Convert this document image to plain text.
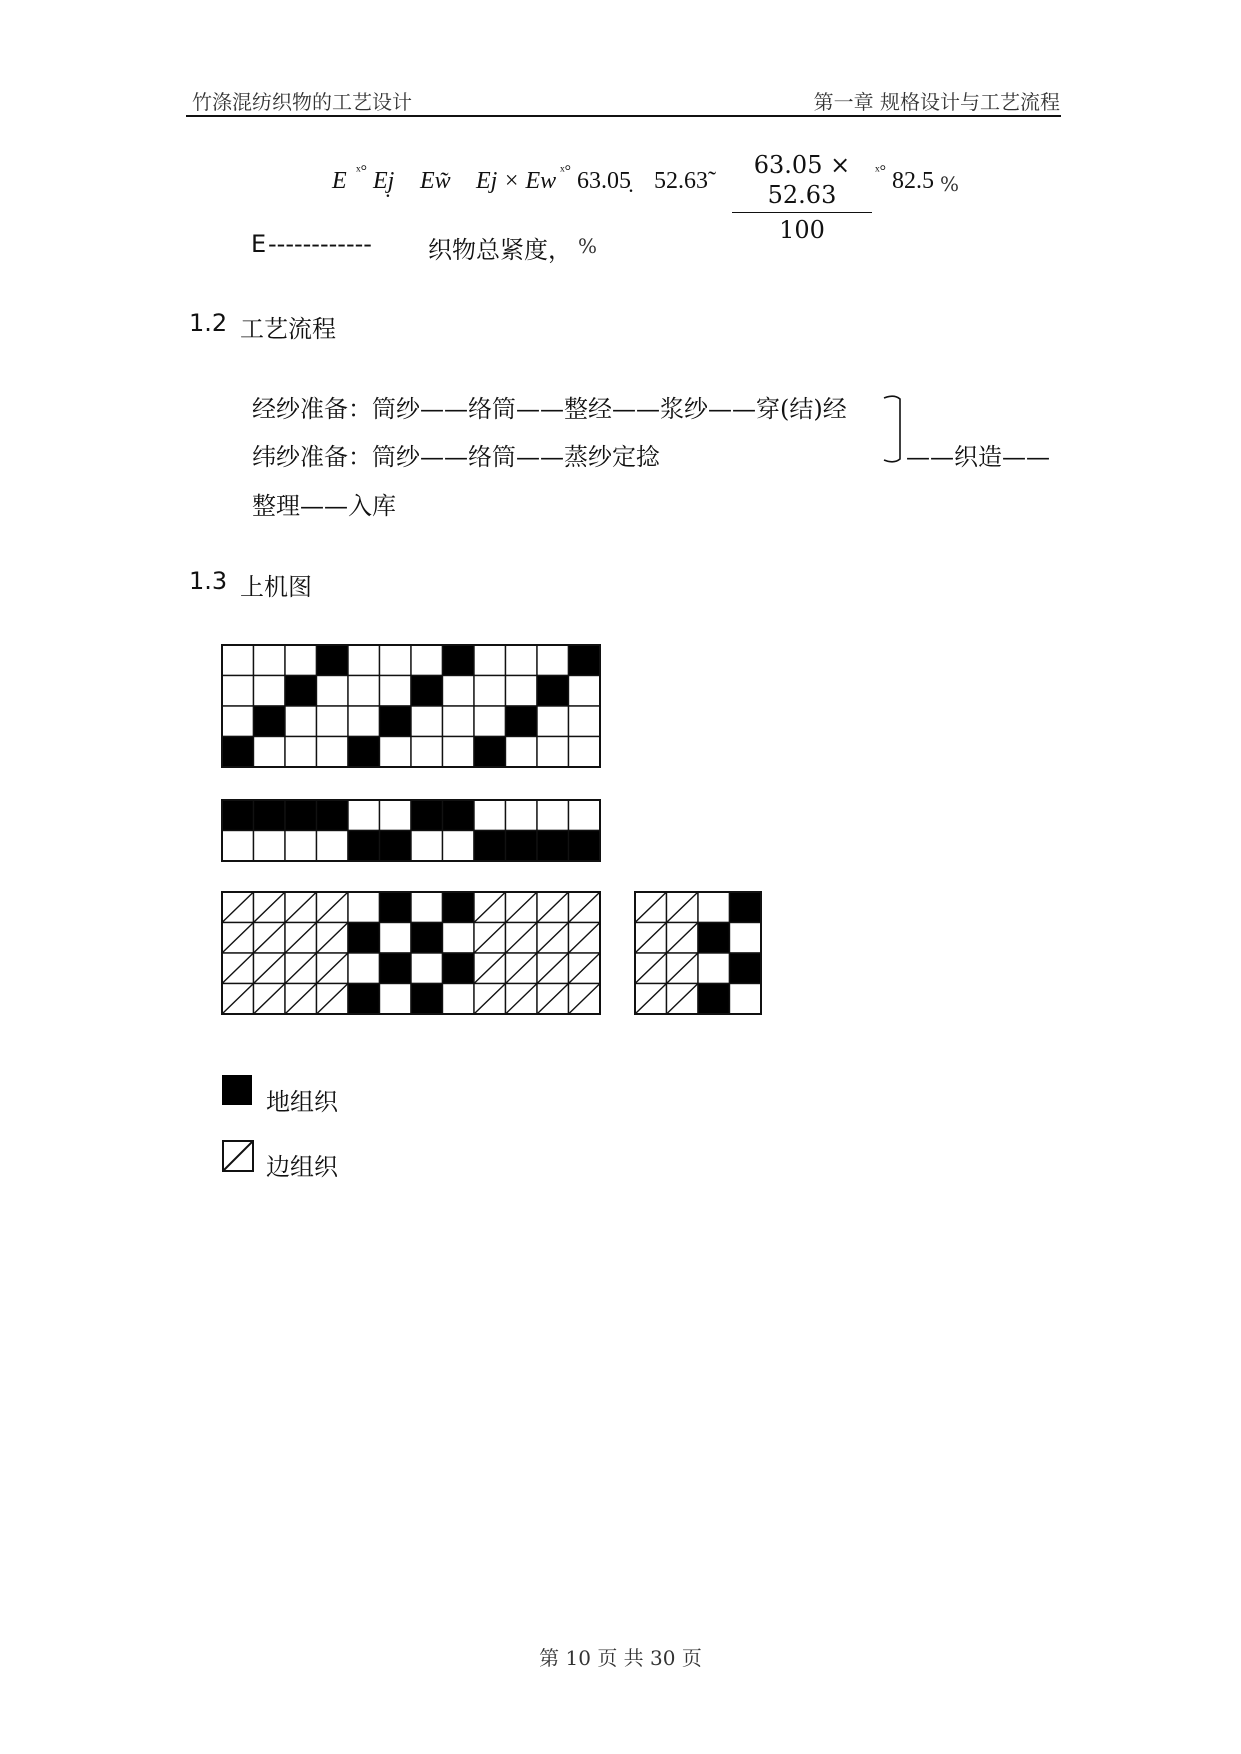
竹涤混纺织物的工艺设计	第一章 规格设计与工艺流程
E ˣ° Ej̣ Ew̃ Ej × Ew ˣ° 63.05̣ 52.63̃
63.05 × 52.63
100
ˣ° 82.5 %
E ------------ 织物总紧度， %
1.2 工艺流程
经纱准备：筒纱——络筒——整经——浆纱——穿(结)经
纬纱准备：筒纱——络筒——蒸纱定捻	——织造——
整理——入库
1.3 上机图
地组织
边组织
第 10 页 共 30 页
